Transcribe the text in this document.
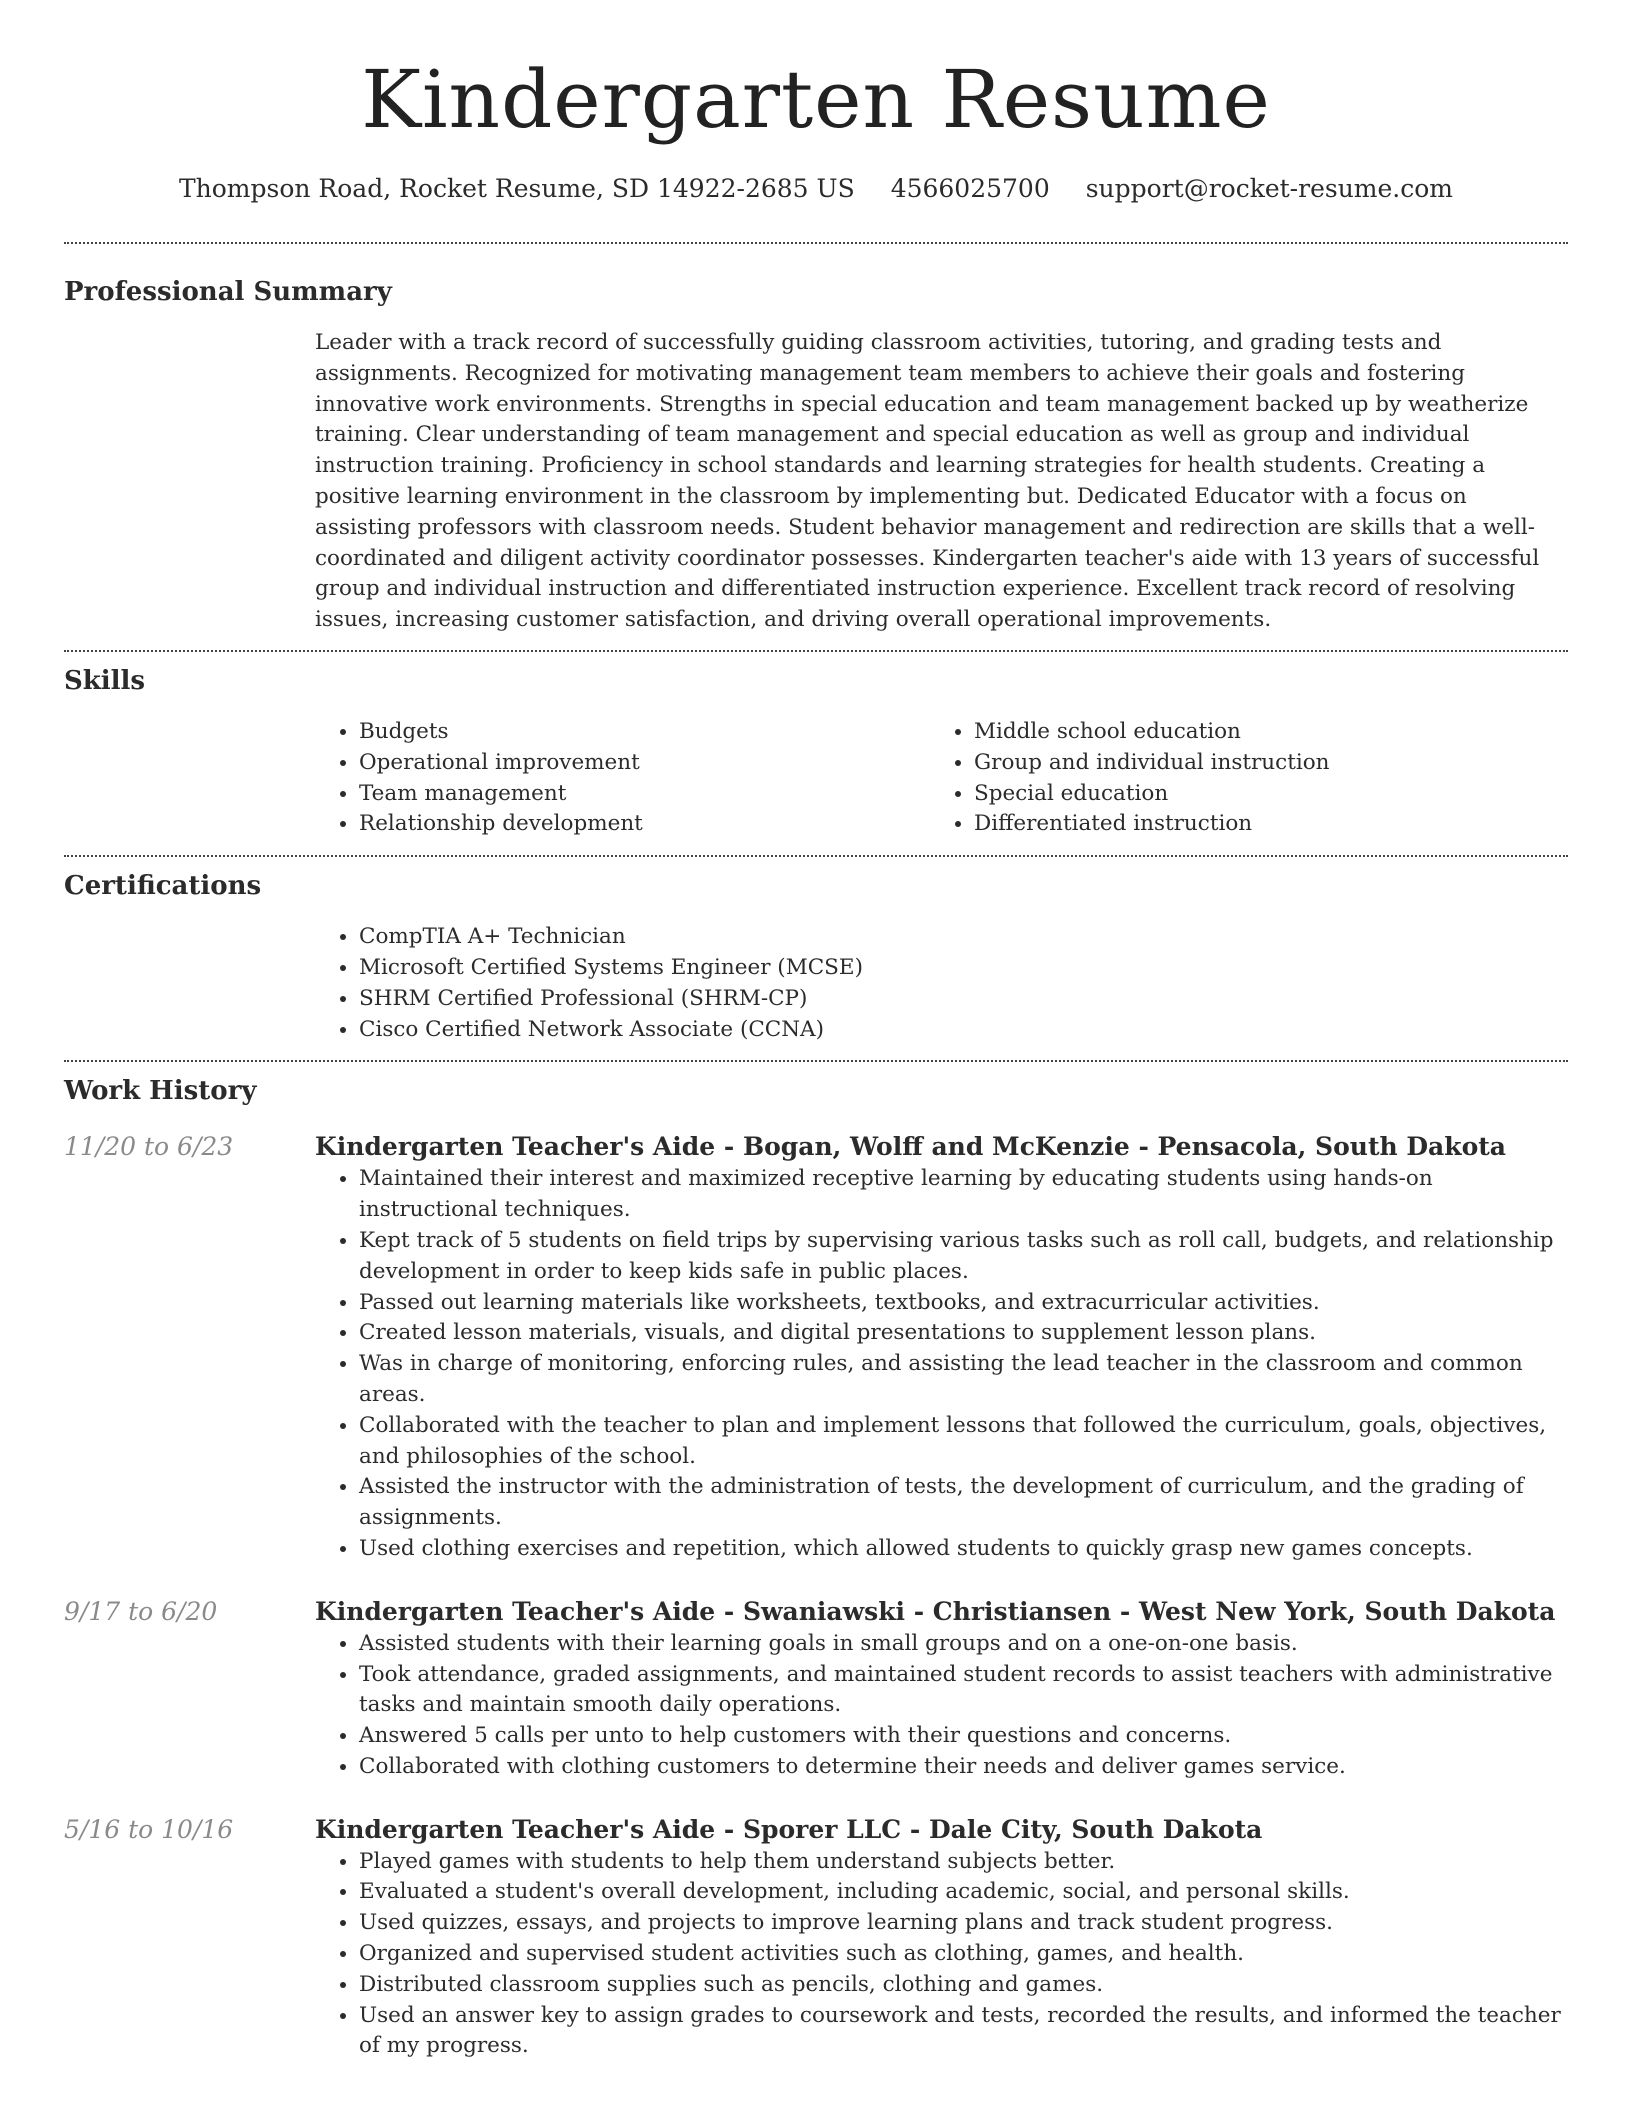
Kindergarten Resume
Thompson Road, Rocket Resume, SD 14922-2685 US 4566025700 support@rocket-resume.com
Professional Summary

Leader with a track record of successfully guiding classroom activities, tutoring, and grading tests and assignments. Recognized for motivating management team members to achieve their goals and fostering innovative work environments. Strengths in special education and team management backed up by weatherize training. Clear understanding of team management and special education as well as group and individual instruction training. Proficiency in school standards and learning strategies for health students. Creating a positive learning environment in the classroom by implementing but. Dedicated Educator with a focus on assisting professors with classroom needs. Student behavior management and redirection are skills that a well-coordinated and diligent activity coordinator possesses. Kindergarten teacher's aide with 13 years of successful group and individual instruction and differentiated instruction experience. Excellent track record of resolving issues, increasing customer satisfaction, and driving overall operational improvements.

Skills
• Budgets
• Operational improvement
• Team management
• Relationship development
• Middle school education
• Group and individual instruction
• Special education
• Differentiated instruction
Certifications
• CompTIA A+ Technician
• Microsoft Certified Systems Engineer (MCSE)
• SHRM Certified Professional (SHRM-CP)
• Cisco Certified Network Associate (CCNA)
Work History
11/20 to 6/23	Kindergarten Teacher's Aide - Bogan, Wolff and McKenzie - Pensacola, South Dakota
• Maintained their interest and maximized receptive learning by educating students using hands-on instructional techniques.
• Kept track of 5 students on field trips by supervising various tasks such as roll call, budgets, and relationship development in order to keep kids safe in public places.
• Passed out learning materials like worksheets, textbooks, and extracurricular activities.
• Created lesson materials, visuals, and digital presentations to supplement lesson plans.
• Was in charge of monitoring, enforcing rules, and assisting the lead teacher in the classroom and common areas.
• Collaborated with the teacher to plan and implement lessons that followed the curriculum, goals, objectives, and philosophies of the school.
• Assisted the instructor with the administration of tests, the development of curriculum, and the grading of assignments.
• Used clothing exercises and repetition, which allowed students to quickly grasp new games concepts.
9/17 to 6/20	Kindergarten Teacher's Aide - Swaniawski - Christiansen - West New York, South Dakota
• Assisted students with their learning goals in small groups and on a one-on-one basis.
• Took attendance, graded assignments, and maintained student records to assist teachers with administrative tasks and maintain smooth daily operations.
• Answered 5 calls per unto to help customers with their questions and concerns.
• Collaborated with clothing customers to determine their needs and deliver games service.
5/16 to 10/16	Kindergarten Teacher's Aide - Sporer LLC - Dale City, South Dakota
• Played games with students to help them understand subjects better.
• Evaluated a student's overall development, including academic, social, and personal skills.
• Used quizzes, essays, and projects to improve learning plans and track student progress.
• Organized and supervised student activities such as clothing, games, and health.
• Distributed classroom supplies such as pencils, clothing and games.
• Used an answer key to assign grades to coursework and tests, recorded the results, and informed the teacher of my progress.
